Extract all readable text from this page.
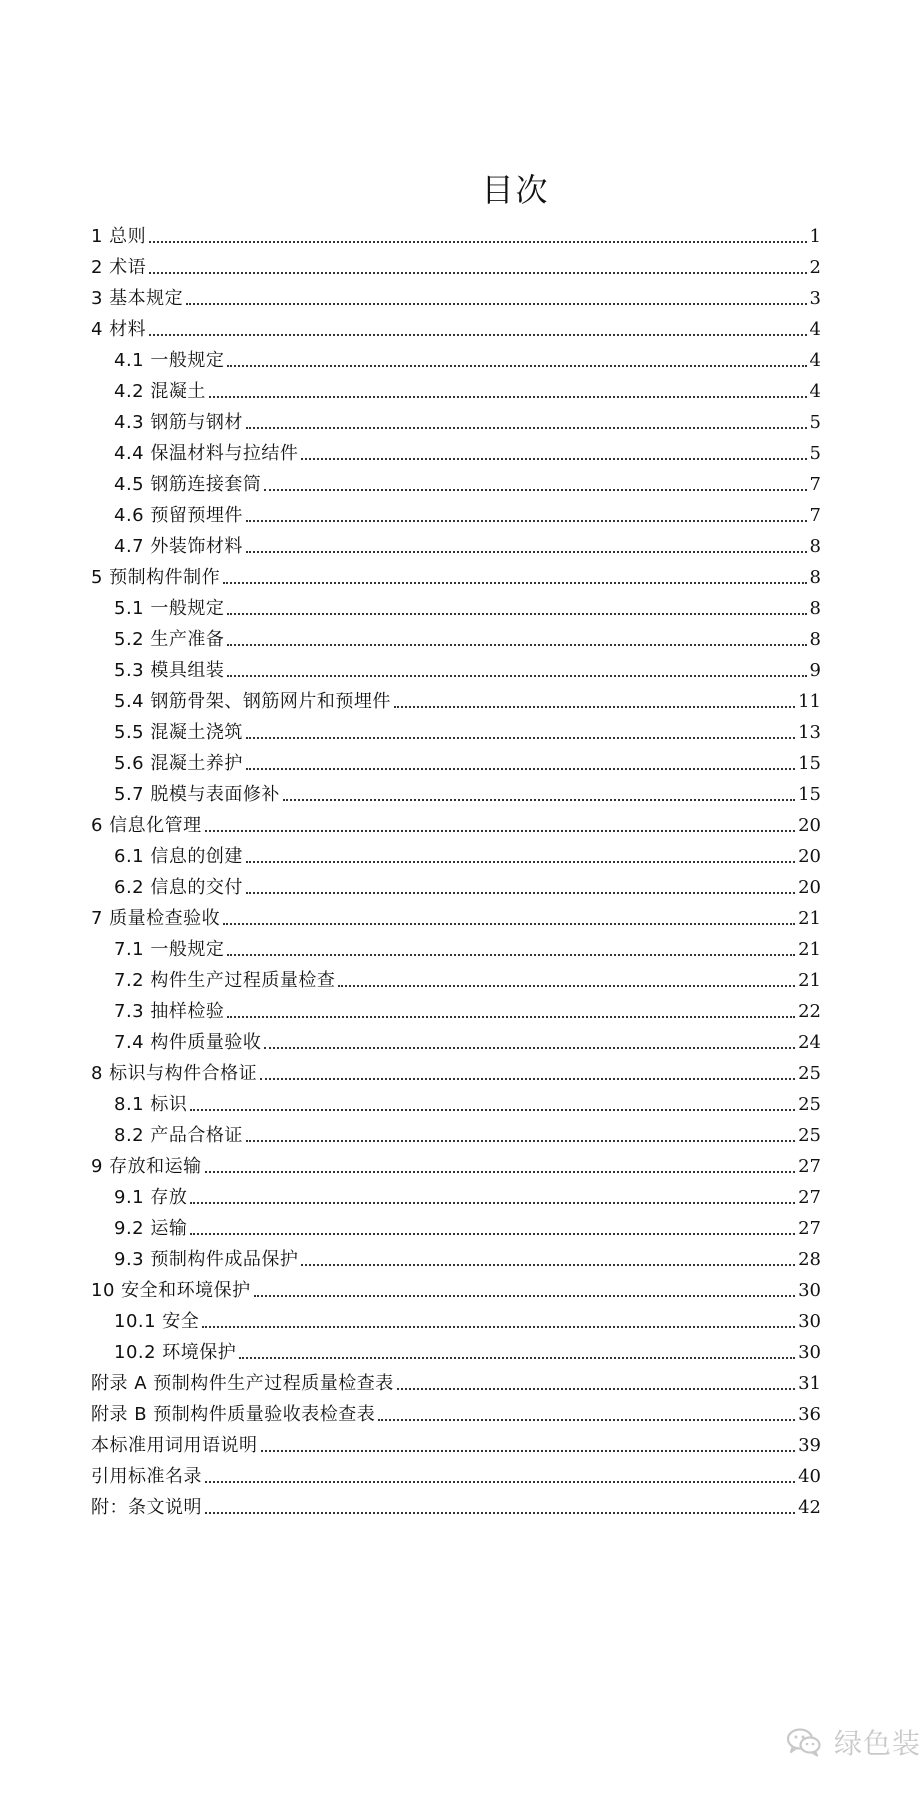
目次
1 总则	1
2 术语	2
3 基本规定	3
4 材料	4
4.1 一般规定	4
4.2 混凝土	4
4.3 钢筋与钢材	5
4.4 保温材料与拉结件	5
4.5 钢筋连接套筒	7
4.6 预留预埋件	7
4.7 外装饰材料	8
5 预制构件制作	8
5.1 一般规定	8
5.2 生产准备	8
5.3 模具组装	9
5.4 钢筋骨架、钢筋网片和预埋件	11
5.5 混凝土浇筑	13
5.6 混凝土养护	15
5.7 脱模与表面修补	15
6 信息化管理	20
6.1 信息的创建	20
6.2 信息的交付	20
7 质量检查验收	21
7.1 一般规定	21
7.2 构件生产过程质量检查	21
7.3 抽样检验	22
7.4 构件质量验收	24
8 标识与构件合格证	25
8.1 标识	25
8.2 产品合格证	25
9 存放和运输	27
9.1 存放	27
9.2 运输	27
9.3 预制构件成品保护	28
10 安全和环境保护	30
10.1 安全	30
10.2 环境保护	30
附录 A 预制构件生产过程质量检查表	31
附录 B 预制构件质量验收表检查表	36
本标准用词用语说明	39
引用标准名录	40
附：条文说明	42
绿色装
